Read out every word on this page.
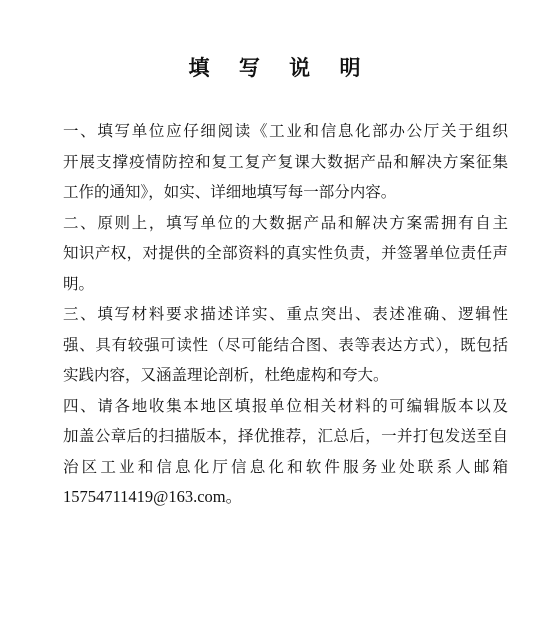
填 写 说 明

一、填写单位应仔细阅读《工业和信息化部办公厅关于组织
开展支撑疫情防控和复工复产复课大数据产品和解决方案征集
工作的通知》，如实、详细地填写每一部分内容。

二、原则上，填写单位的大数据产品和解决方案需拥有自主
知识产权，对提供的全部资料的真实性负责，并签署单位责任声
明。

三、填写材料要求描述详实、重点突出、表述准确、逻辑性
强、具有较强可读性（尽可能结合图、表等表达方式），既包括
实践内容，又涵盖理论剖析，杜绝虚构和夸大。

四、请各地收集本地区填报单位相关材料的可编辑版本以及
加盖公章后的扫描版本，择优推荐，汇总后，一并打包发送至自
治区工业和信息化厅信息化和软件服务业处联系人邮箱
15754711419@163.com。
